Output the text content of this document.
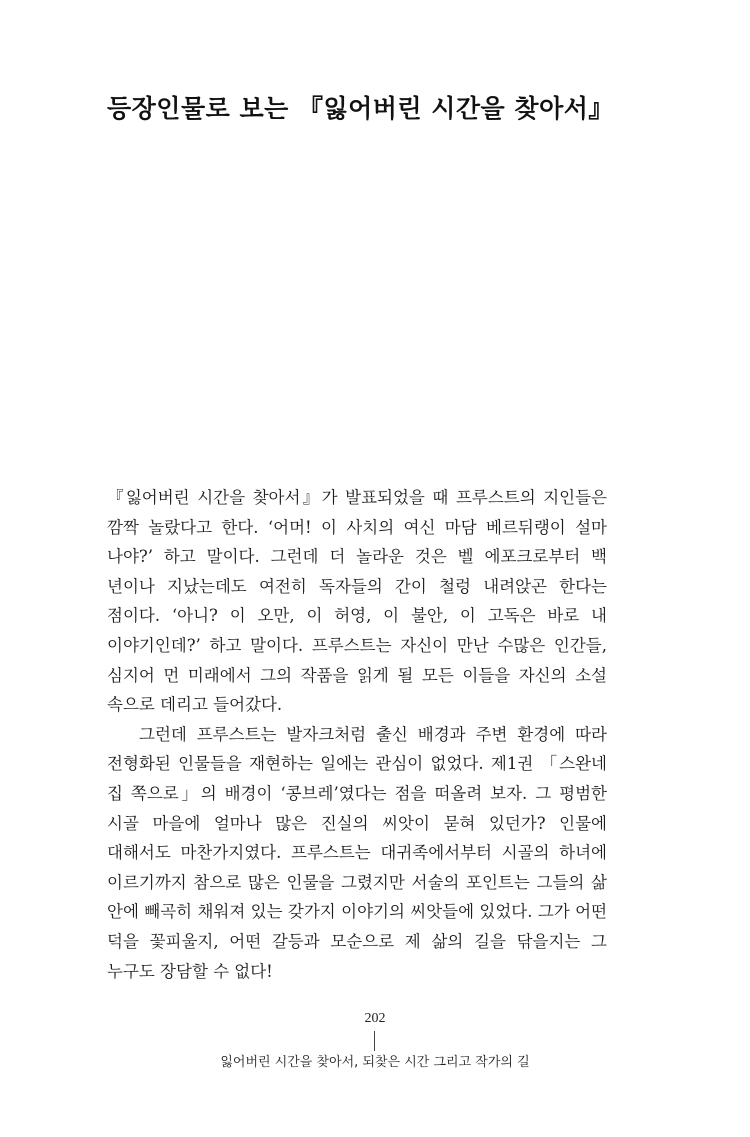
등장인물로 보는 『잃어버린 시간을 찾아서』

『잃어버린 시간을 찾아서』가 발표되었을 때 프루스트의 지인들은 깜짝 놀랐다고 한다. ‘어머! 이 사치의 여신 마담 베르뒤랭이 설마 나야?’ 하고 말이다. 그런데 더 놀라운 것은 벨 에포크로부터 백 년이나 지났는데도 여전히 독자들의 간이 철렁 내려앉곤 한다는 점이다. ‘아니? 이 오만, 이 허영, 이 불안, 이 고독은 바로 내 이야기인데?’ 하고 말이다. 프루스트는 자신이 만난 수많은 인간들, 심지어 먼 미래에서 그의 작품을 읽게 될 모든 이들을 자신의 소설 속으로 데리고 들어갔다.

그런데 프루스트는 발자크처럼 출신 배경과 주변 환경에 따라 전형화된 인물들을 재현하는 일에는 관심이 없었다. 제1권 「스완네 집 쪽으로」의 배경이 ‘콩브레’였다는 점을 떠올려 보자. 그 평범한 시골 마을에 얼마나 많은 진실의 씨앗이 묻혀 있던가? 인물에 대해서도 마찬가지였다. 프루스트는 대귀족에서부터 시골의 하녀에 이르기까지 참으로 많은 인물을 그렸지만 서술의 포인트는 그들의 삶 안에 빼곡히 채워져 있는 갖가지 이야기의 씨앗들에 있었다. 그가 어떤 덕을 꽃피울지, 어떤 갈등과 모순으로 제 삶의 길을 닦을지는 그 누구도 장담할 수 없다!

202
잃어버린 시간을 찾아서, 되찾은 시간 그리고 작가의 길
